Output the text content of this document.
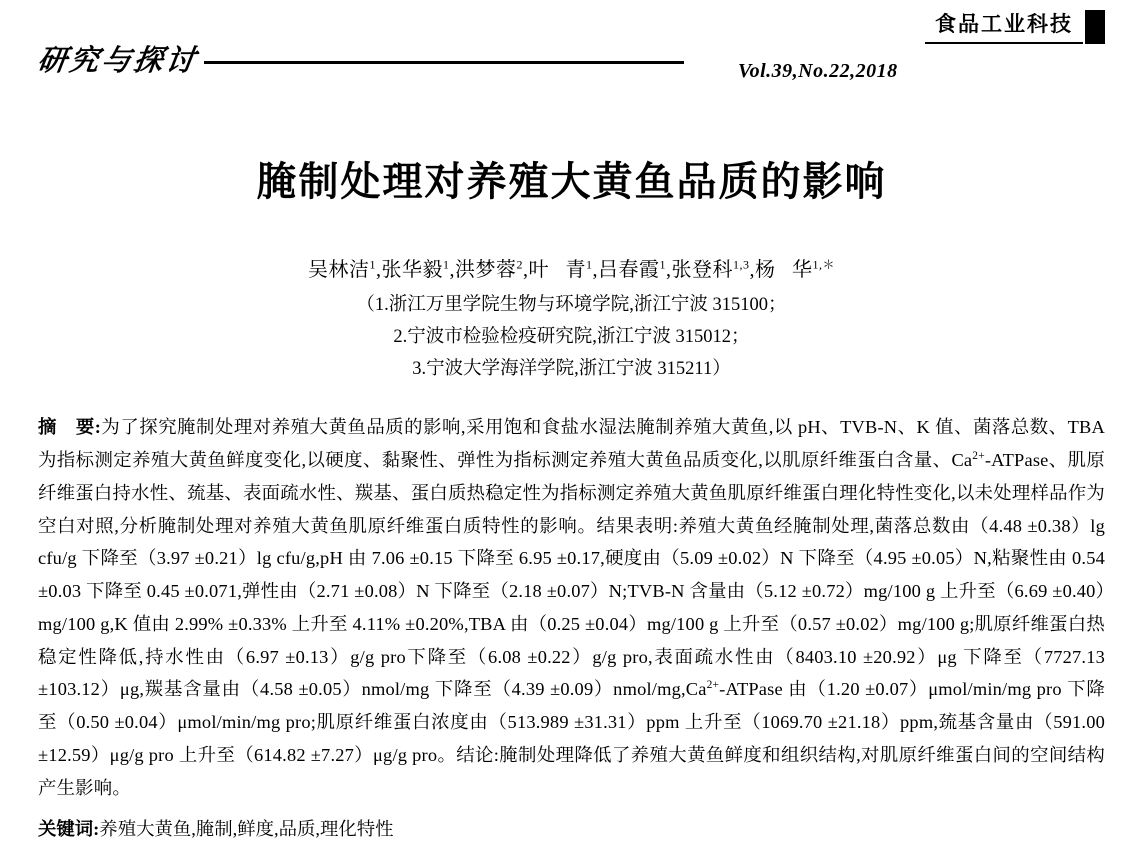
食品工业科技
研究与探讨	Vol.39,No.22,2018
腌制处理对养殖大黄鱼品质的影响
吴林洁$^1$,张华毅$^1$,洪梦蓉$^2$,叶   青$^1$,吕春霞$^1$,张登科$^{1,3}$,杨   华$^{1,*}$
（1.浙江万里学院生物与环境学院,浙江宁波 315100；
2.宁波市检验检疫研究院,浙江宁波 315012；
3.宁波大学海洋学院,浙江宁波 315211）
摘　要:为了探究腌制处理对养殖大黄鱼品质的影响,采用饱和食盐水湿法腌制养殖大黄鱼,以 pH、TVB-N、K 值、菌落总数、TBA 为指标测定养殖大黄鱼鲜度变化,以硬度、黏聚性、弹性为指标测定养殖大黄鱼品质变化,以肌原纤维蛋白含量、$Ca^{2+}$-ATPase、肌原纤维蛋白持水性、巯基、表面疏水性、羰基、蛋白质热稳定性为指标测定养殖大黄鱼肌原纤维蛋白理化特性变化,以未处理样品作为空白对照,分析腌制处理对养殖大黄鱼肌原纤维蛋白质特性的影响。结果表明:养殖大黄鱼经腌制处理,菌落总数由（4.48 ±0.38）lg cfu/g 下降至（3.97 ±0.21）lg cfu/g,pH 由 7.06 ±0.15 下降至 6.95 ±0.17,硬度由（5.09 ±0.02）N 下降至（4.95 ±0.05）N,粘聚性由 0.54 ±0.03 下降至 0.45 ±0.071,弹性由（2.71 ±0.08）N 下降至（2.18 ±0.07）N;TVB-N 含量由（5.12 ±0.72）mg/100 g 上升至（6.69 ±0.40）mg/100 g,K 值由 2.99% ±0.33% 上升至 4.11% ±0.20%,TBA 由（0.25 ±0.04）mg/100 g 上升至（0.57 ±0.02）mg/100 g;肌原纤维蛋白热稳定性降低,持水性由（6.97 ±0.13）g/g pro下降至（6.08 ±0.22）g/g pro,表面疏水性由（8403.10 ±20.92）μg 下降至（7727.13 ±103.12）μg,羰基含量由（4.58 ±0.05）nmol/mg 下降至$(4.39 \pm 0.09)nmol/mg,Ca^{2+}$-ATPase 由（1.20 ±0.07）μmol/min/mg pro 下降至（0.50 ±0.04）μmol/min/mg pro;肌原纤维蛋白浓度由（513.989 ±31.31）ppm 上升至（1069.70 ±21.18）ppm,巯基含量由（591.00 ±12.59）μg/g pro 上升至（614.82 ±7.27）μg/g pro。结论:腌制处理降低了养殖大黄鱼鲜度和组织结构,对肌原纤维蛋白间的空间结构产生影响。
关键词:养殖大黄鱼,腌制,鲜度,品质,理化特性
